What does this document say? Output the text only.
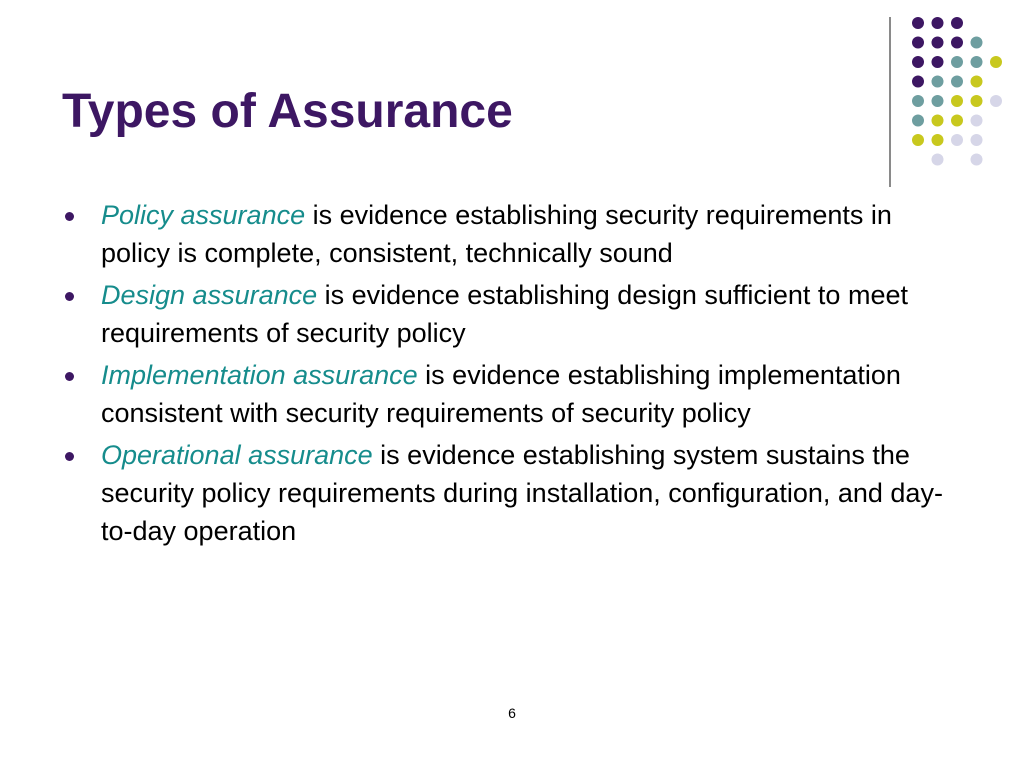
Types of Assurance
Policy assurance is evidence establishing security requirements in policy is complete, consistent, technically sound
Design assurance is evidence establishing design sufficient to meet requirements of security policy
Implementation assurance is evidence establishing implementation consistent with security requirements of security policy
Operational assurance is evidence establishing system sustains the security policy requirements during installation, configuration, and day-to-day operation
6
